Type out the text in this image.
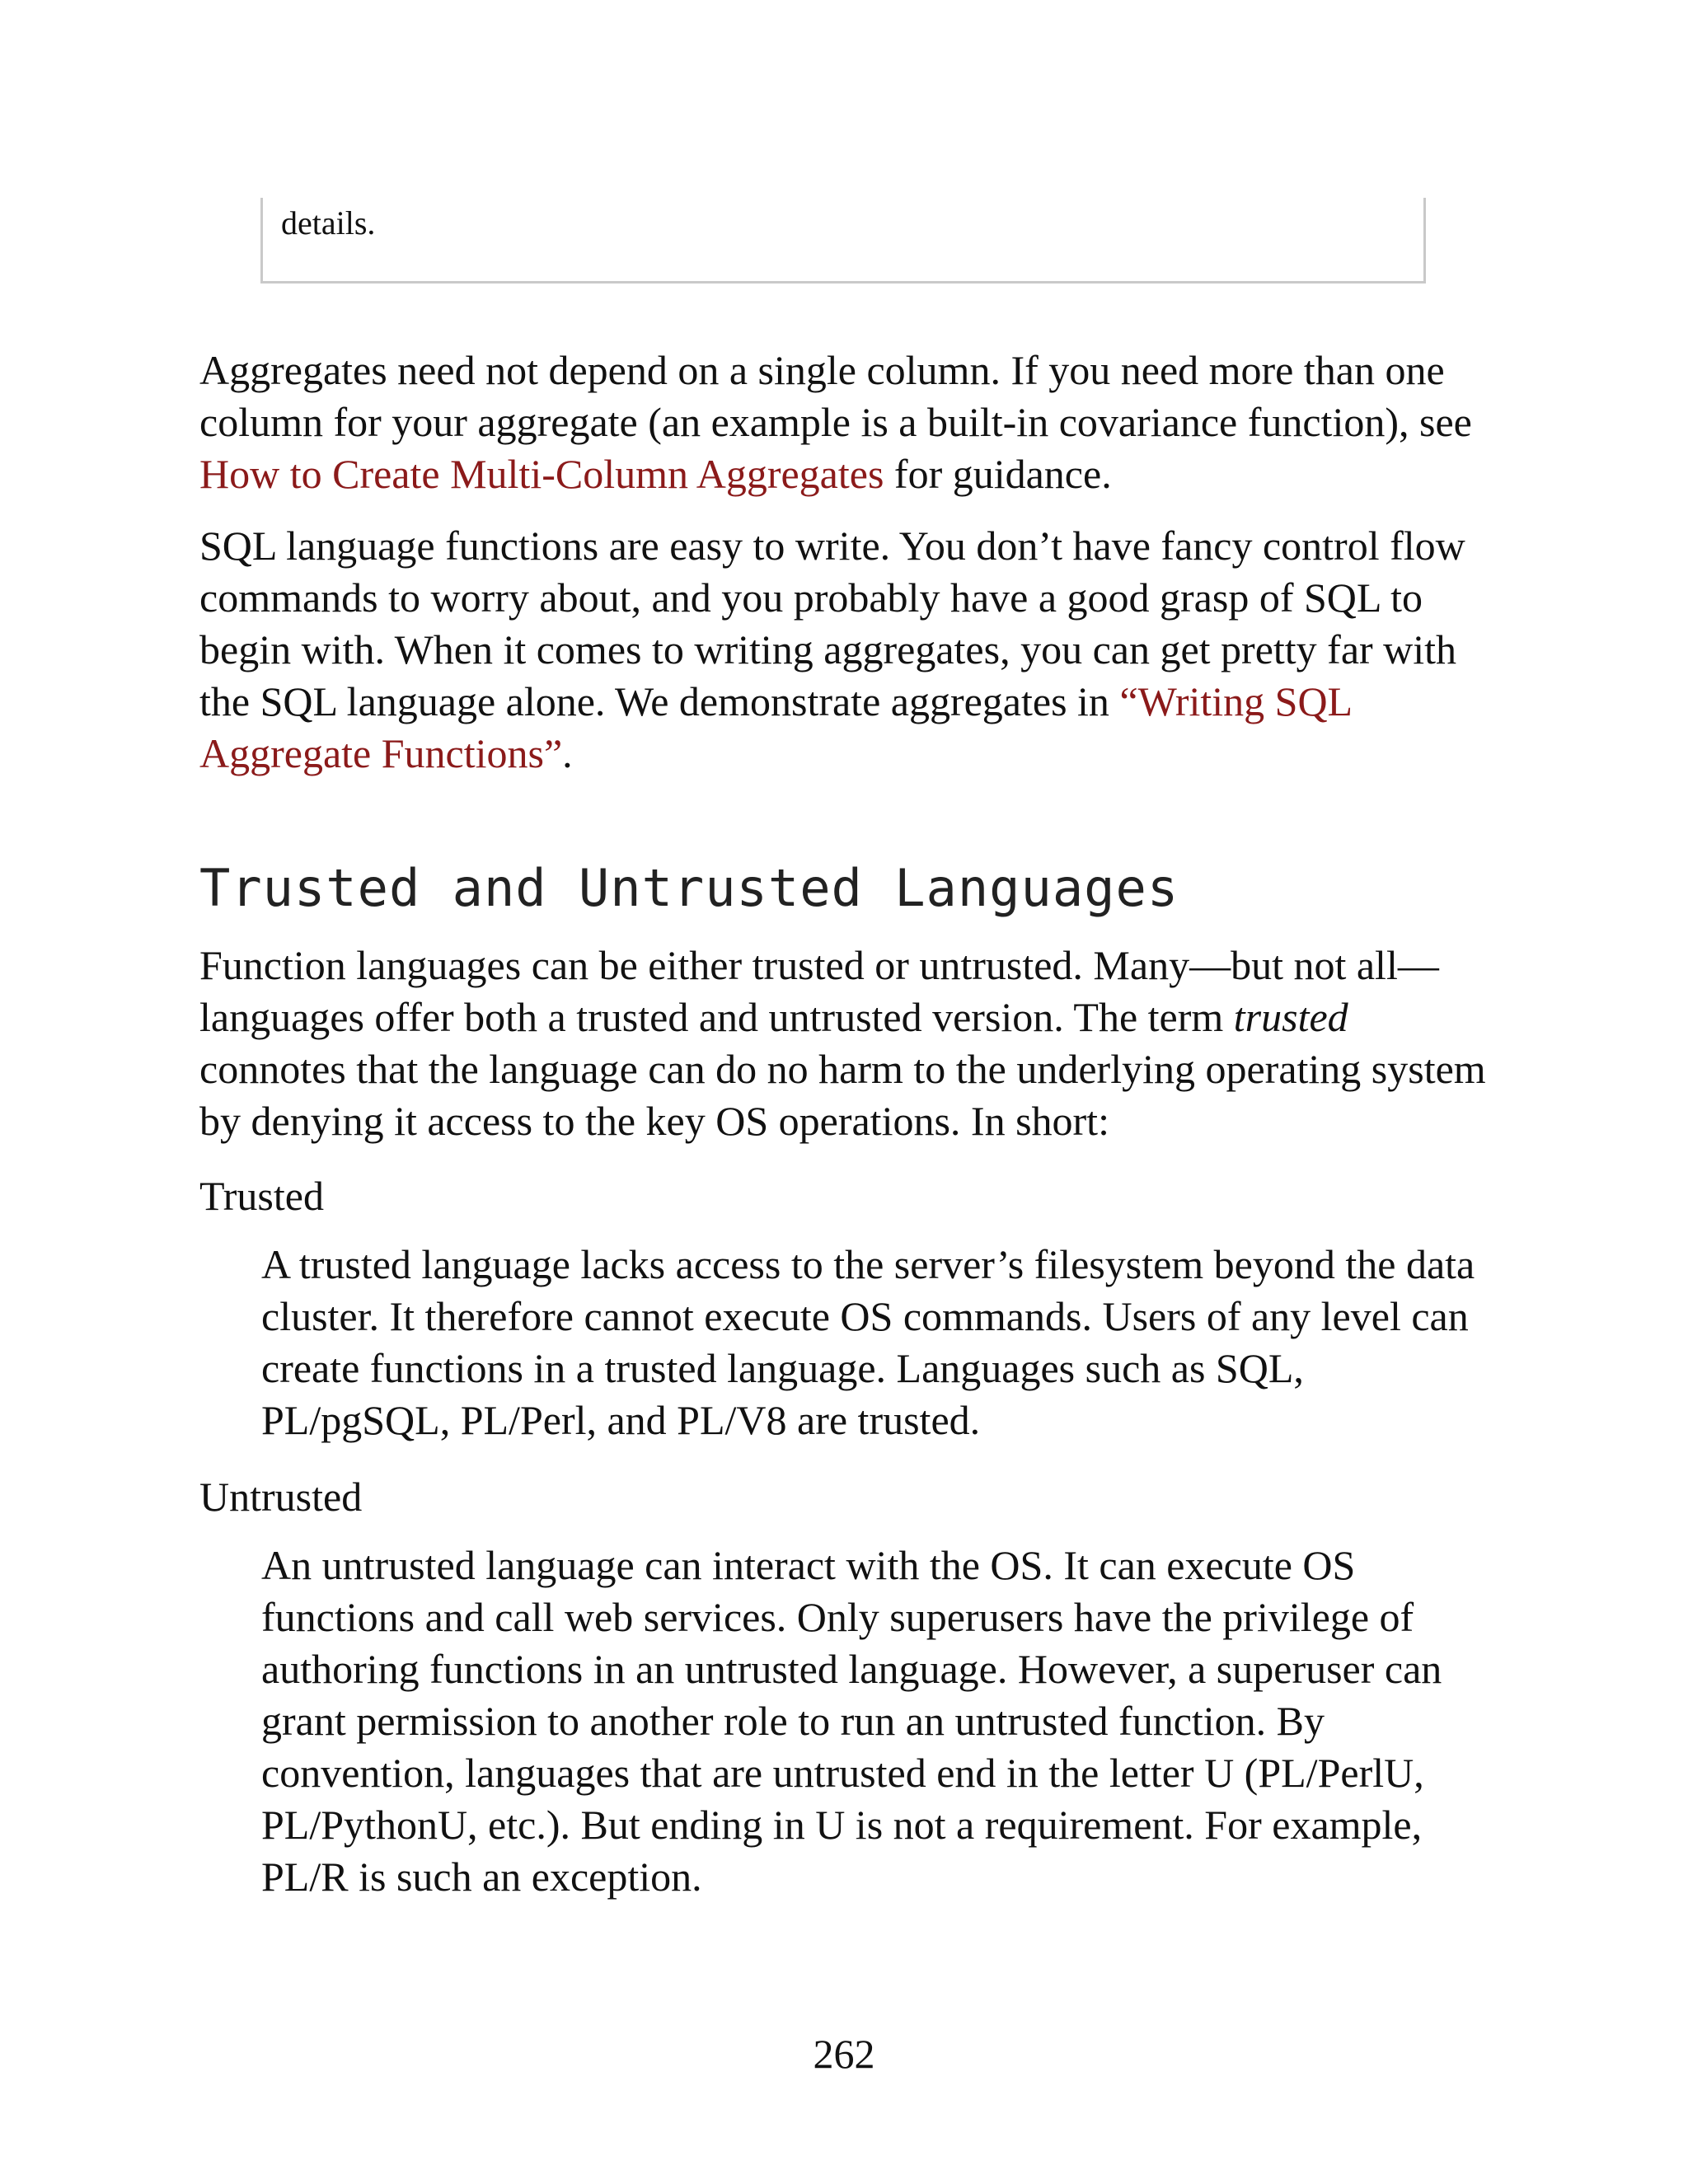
details.

Aggregates need not depend on a single column. If you need more than one column for your aggregate (an example is a built-in covariance function), see How to Create Multi-Column Aggregates for guidance.

SQL language functions are easy to write. You don’t have fancy control flow commands to worry about, and you probably have a good grasp of SQL to begin with. When it comes to writing aggregates, you can get pretty far with the SQL language alone. We demonstrate aggregates in “Writing SQL Aggregate Functions”.

Trusted and Untrusted Languages

Function languages can be either trusted or untrusted. Many—but not all—languages offer both a trusted and untrusted version. The term trusted connotes that the language can do no harm to the underlying operating system by denying it access to the key OS operations. In short:

Trusted
A trusted language lacks access to the server’s filesystem beyond the data cluster. It therefore cannot execute OS commands. Users of any level can create functions in a trusted language. Languages such as SQL, PL/pgSQL, PL/Perl, and PL/V8 are trusted.
Untrusted
An untrusted language can interact with the OS. It can execute OS functions and call web services. Only superusers have the privilege of authoring functions in an untrusted language. However, a superuser can grant permission to another role to run an untrusted function. By convention, languages that are untrusted end in the letter U (PL/PerlU, PL/PythonU, etc.). But ending in U is not a requirement. For example, PL/R is such an exception.
262
